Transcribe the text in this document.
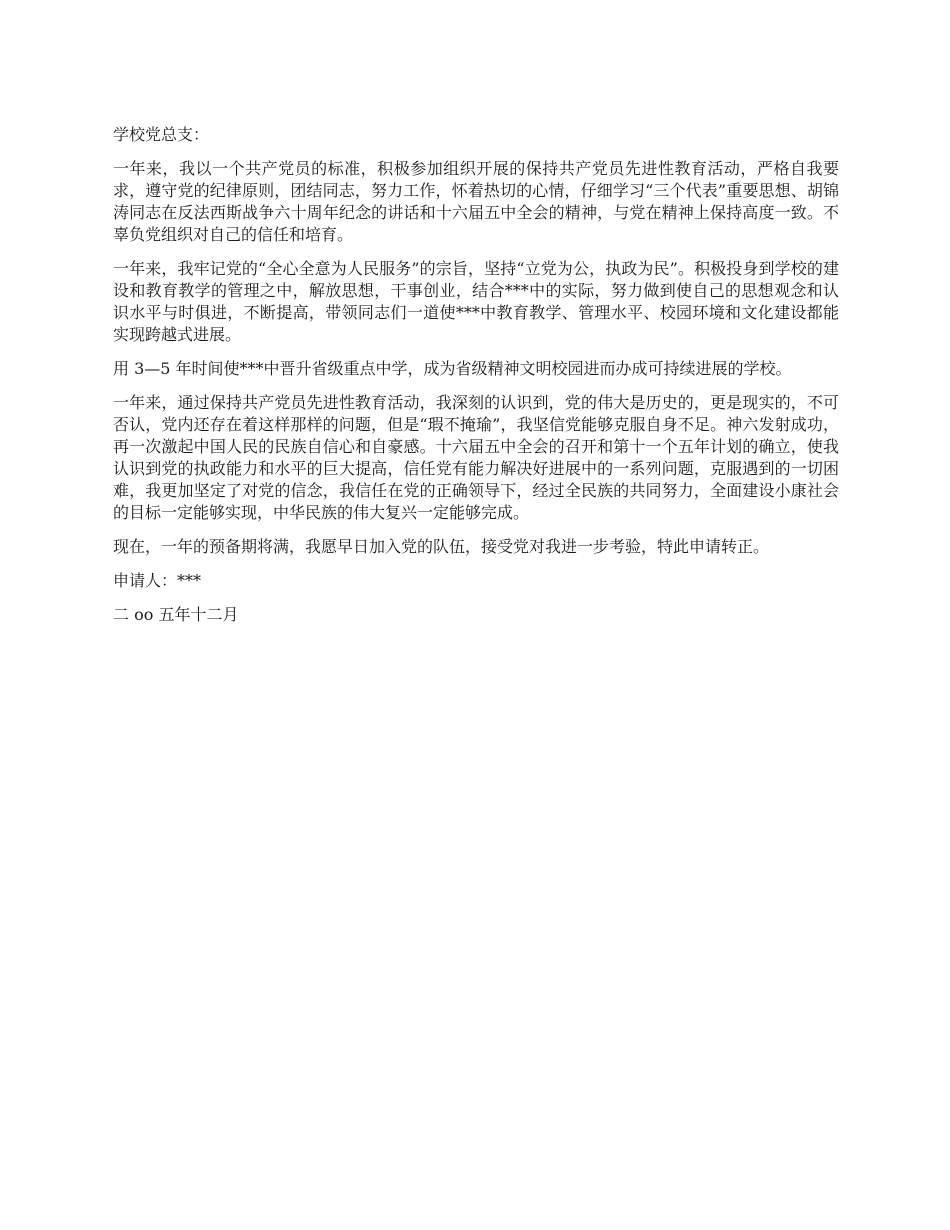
学校党总支：

一年来，我以一个共产党员的标准，积极参加组织开展的保持共产党员先进性教育活动，严格自我要求，遵守党的纪律原则，团结同志，努力工作，怀着热切的心情，仔细学习“三个代表”重要思想、胡锦涛同志在反法西斯战争六十周年纪念的讲话和十六届五中全会的精神，与党在精神上保持高度一致。不辜负党组织对自己的信任和培育。

一年来，我牢记党的“全心全意为人民服务”的宗旨，坚持“立党为公，执政为民”。积极投身到学校的建设和教育教学的管理之中，解放思想，干事创业，结合***中的实际，努力做到使自己的思想观念和认识水平与时俱进，不断提高，带领同志们一道使***中教育教学、管理水平、校园环境和文化建设都能实现跨越式进展。

用 3—5 年时间使***中晋升省级重点中学，成为省级精神文明校园进而办成可持续进展的学校。

一年来，通过保持共产党员先进性教育活动，我深刻的认识到，党的伟大是历史的，更是现实的，不可否认，党内还存在着这样那样的问题，但是“瑕不掩瑜”，我坚信党能够克服自身不足。神六发射成功，再一次激起中国人民的民族自信心和自豪感。十六届五中全会的召开和第十一个五年计划的确立，使我认识到党的执政能力和水平的巨大提高，信任党有能力解决好进展中的一系列问题，克服遇到的一切困难，我更加坚定了对党的信念，我信任在党的正确领导下，经过全民族的共同努力，全面建设小康社会的目标一定能够实现，中华民族的伟大复兴一定能够完成。

现在，一年的预备期将满，我愿早日加入党的队伍，接受党对我进一步考验，特此申请转正。

申请人：***

二 oo 五年十二月
